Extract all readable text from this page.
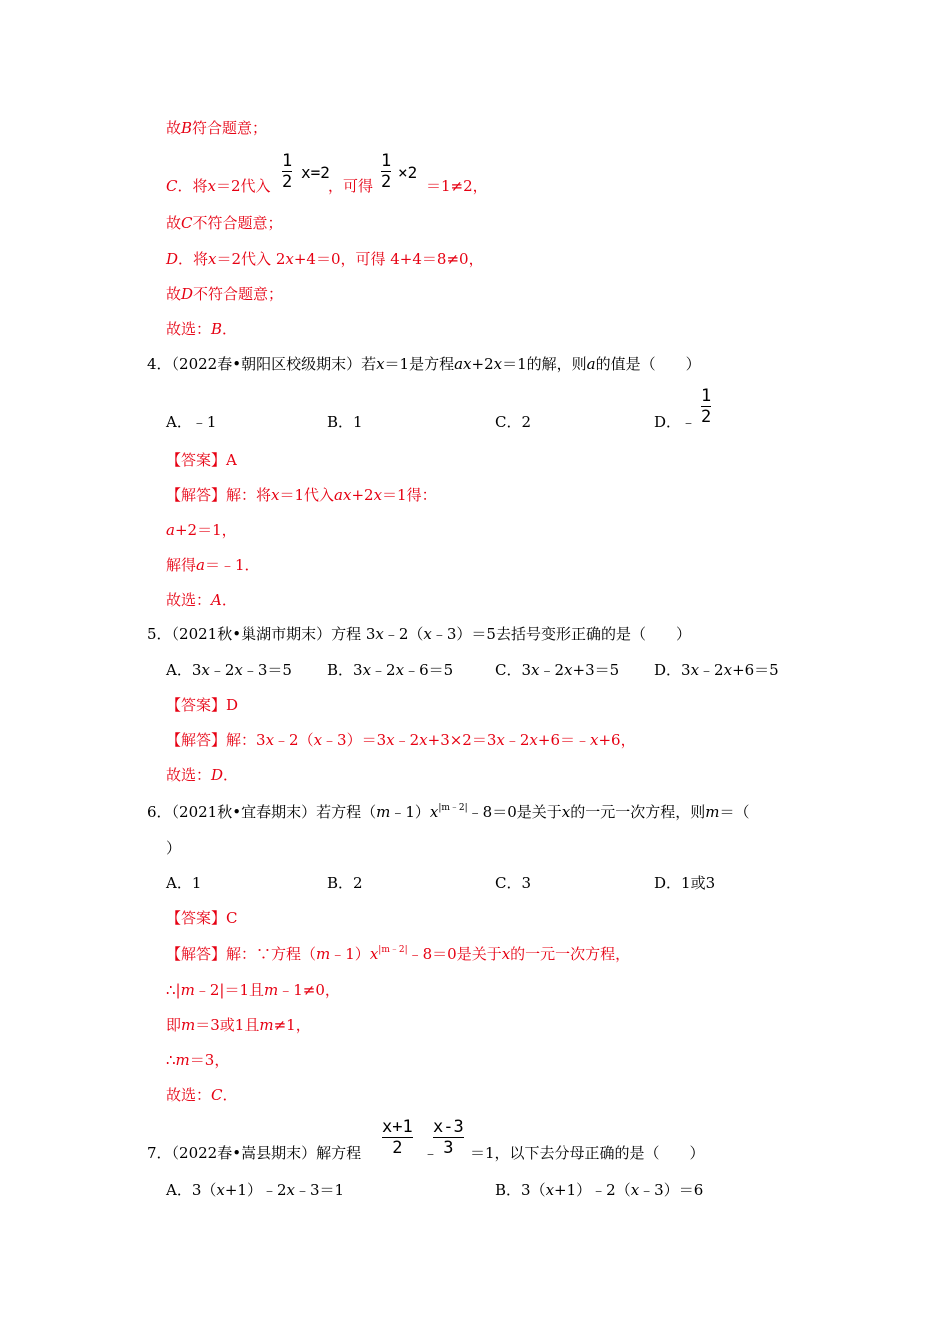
故B符合题意；
C．将x＝2代入
1
2 x=2
，可得
1
2 ×2
＝1≠2，
故C不符合题意；
D．将x＝2代入 2x+4＝0，可得 4+4＝8≠0，
故D不符合题意；
故选：B．
4．（2022春•朝阳区校级期末）若x＝1是方程ax+2x＝1的解，则a的值是（　　）
A．﹣1	B．1	C．2	D．﹣
1
2
【答案】A
【解答】解：将x＝1代入ax+2x＝1得：
a+2＝1，
解得a＝﹣1．
故选：A．
5．（2021秋•巢湖市期末）方程 3x﹣2（x﹣3）＝5去括号变形正确的是（　　）
A．3x﹣2x﹣3＝5 B．3x﹣2x﹣6＝5	C．3x﹣2x+3＝5 D．3x﹣2x+6＝5
【答案】D
【解答】解：3x﹣2（x﹣3）＝3x﹣2x+3×2＝3x﹣2x+6＝﹣x+6，
故选：D．
6．（2021秋•宜春期末）若方程$(m﹣1)x^{|m﹣2|}﹣8=0$是关于x的一元一次方程，则m＝（
）
A．1	B．2	C．3	D．1或3
【答案】C
【解答】解：∵方程$(m﹣1)x^{|m﹣2|}﹣8=0$是关于x的一元一次方程，
∴|m﹣2|＝1且m﹣1≠0，
即m＝3或1且m≠1，
∴m＝3，
故选：C．
7．（2022春•嵩县期末）解方程
x+1
2	﹣
x-3
3	＝1，以下去分母正确的是（　　）
A．3（x+1）﹣2x﹣3＝1	B．3（x+1）﹣2（x﹣3）＝6
